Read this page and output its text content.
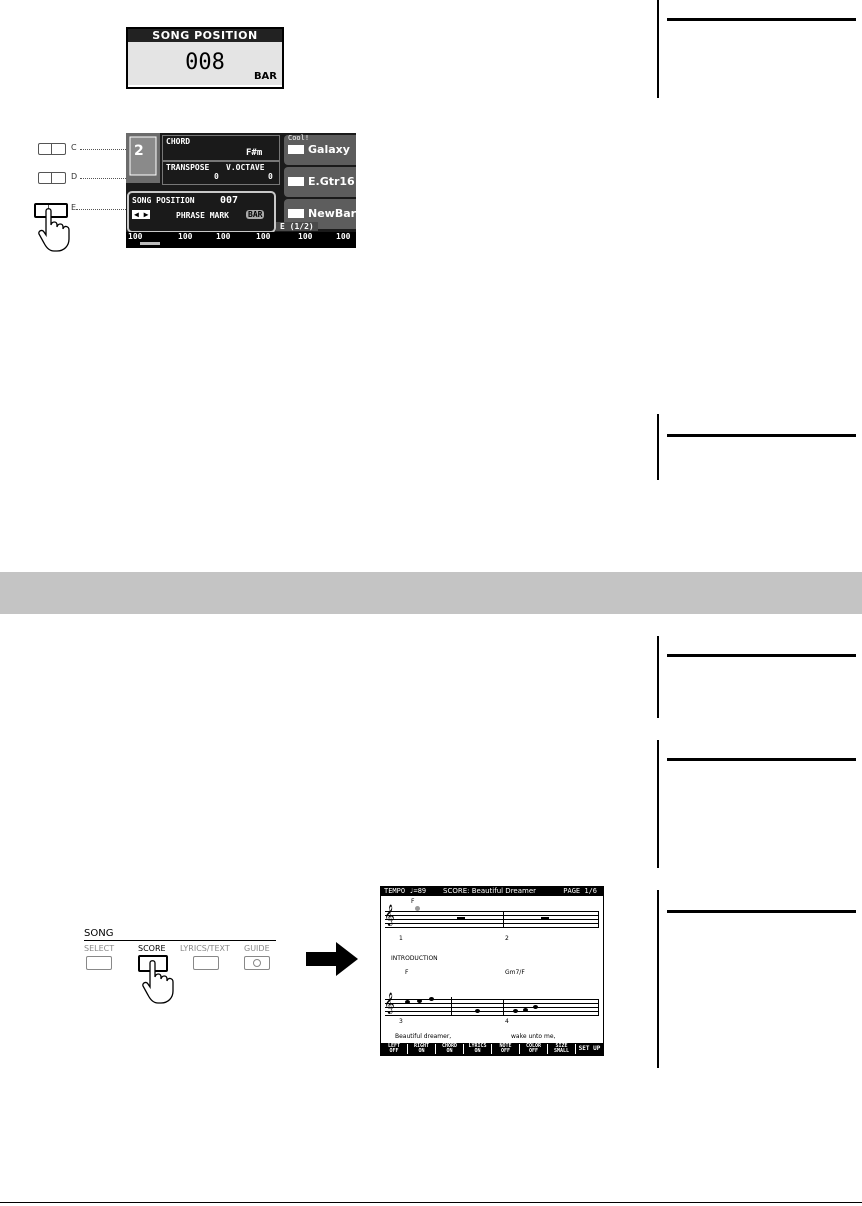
SONG POSITION
008
BAR
C
D
E
2
CHORD
F#m
TRANSPOSE V.OCTAVE
0	0
SONG POSITION	007
◀ ▶	PHRASE MARK BAR
Cool!
Galaxy
E.Gtr16
NewBar
E (1/2)
100	100	100	100	100	100
SONG
SELECT	SCORE LYRICS/TEXT GUIDE
TEMPO ♩=89 SCORE: Beautiful Dreamer	PAGE 1/6
F
𝄞
1	2
INTRODUCTION
F	Gm7/F
𝄞
3	4
Beautiful dreamer,	wake unto me,
LEFT
OFF
RIGHT
ON
CHORD
ON
LYRICS
ON
NOTE
OFF
COLOR
OFF
SIZE
SMALL	SET UP
